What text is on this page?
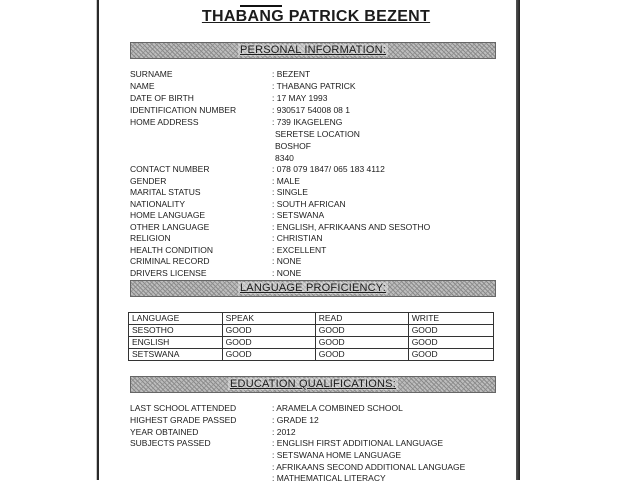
THABANG PATRICK BEZENT
PERSONAL INFORMATION:
SURNAME	: BEZENT
NAME	: THABANG PATRICK
DATE OF BIRTH	: 17 MAY 1993
IDENTIFICATION NUMBER	: 930517 54008 08 1
HOME ADDRESS	: 739 IKAGELENG
SERETSE LOCATION
BOSHOF
8340
CONTACT NUMBER	: 078 079 1847/ 065 183 4112
GENDER	: MALE
MARITAL STATUS	: SINGLE
NATIONALITY	: SOUTH AFRICAN
HOME LANGUAGE	: SETSWANA
OTHER LANGUAGE	: ENGLISH, AFRIKAANS AND SESOTHO
RELIGION	: CHRISTIAN
HEALTH CONDITION	: EXCELLENT
CRIMINAL RECORD	: NONE
DRIVERS LICENSE	: NONE
LANGUAGE PROFICIENCY:
LANGUAGE	SPEAK	READ	WRITE
SESOTHO	GOOD	GOOD	GOOD
ENGLISH	GOOD	GOOD	GOOD
SETSWANA	GOOD	GOOD	GOOD
EDUCATION QUALIFICATIONS:
LAST SCHOOL ATTENDED	: ARAMELA COMBINED SCHOOL
HIGHEST GRADE PASSED	: GRADE 12
YEAR OBTAINED	: 2012
SUBJECTS PASSED	: ENGLISH FIRST ADDITIONAL LANGUAGE
: SETSWANA HOME LANGUAGE
: AFRIKAANS SECOND ADDITIONAL LANGUAGE
: MATHEMATICAL LITERACY
